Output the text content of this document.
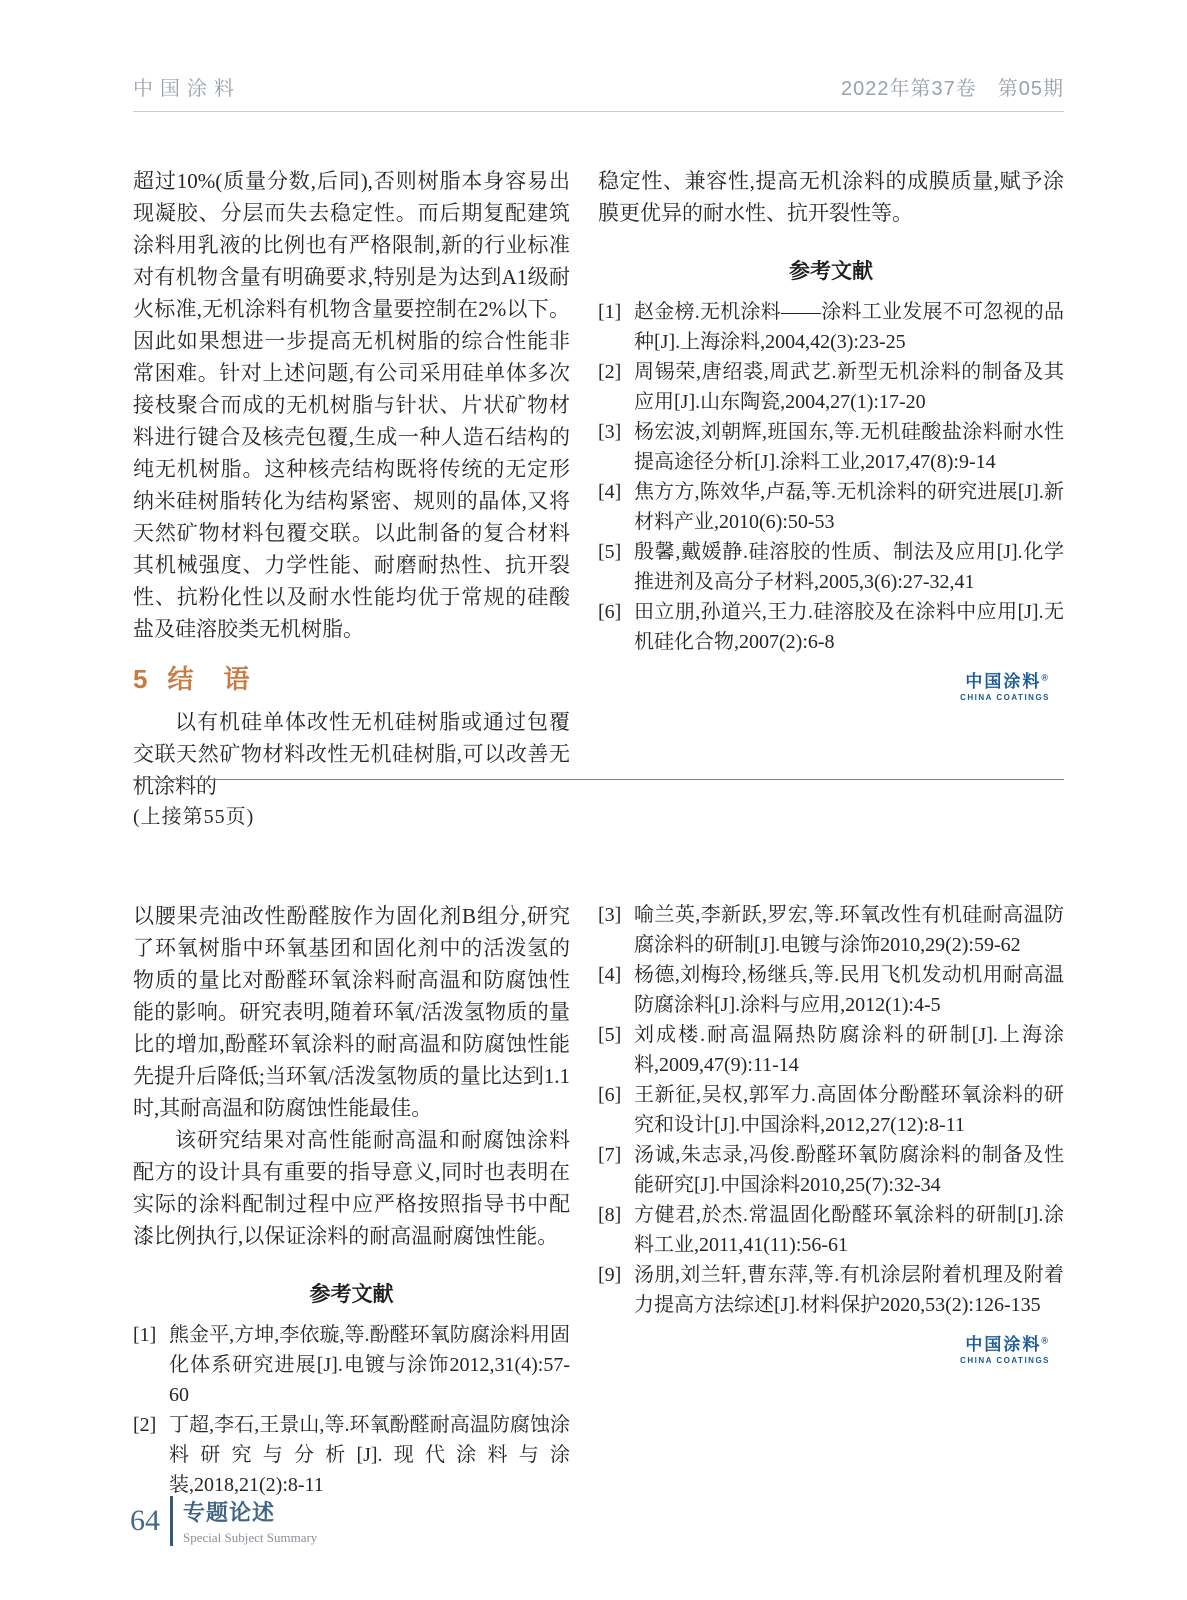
中国涂料	2022年第37卷　第05期

超过10%(质量分数,后同),否则树脂本身容易出现凝胶、分层而失去稳定性。而后期复配建筑涂料用乳液的比例也有严格限制,新的行业标准对有机物含量有明确要求,特别是为达到A1级耐火标准,无机涂料有机物含量要控制在2%以下。因此如果想进一步提高无机树脂的综合性能非常困难。针对上述问题,有公司采用硅单体多次接枝聚合而成的无机树脂与针状、片状矿物材料进行键合及核壳包覆,生成一种人造石结构的纯无机树脂。这种核壳结构既将传统的无定形纳米硅树脂转化为结构紧密、规则的晶体,又将天然矿物材料包覆交联。以此制备的复合材料其机械强度、力学性能、耐磨耐热性、抗开裂性、抗粉化性以及耐水性能均优于常规的硅酸盐及硅溶胶类无机树脂。

5 结　语

以有机硅单体改性无机硅树脂或通过包覆交联天然矿物材料改性无机硅树脂,可以改善无机涂料的

稳定性、兼容性,提高无机涂料的成膜质量,赋予涂膜更优异的耐水性、抗开裂性等。

参考文献
[1] 赵金榜.无机涂料——涂料工业发展不可忽视的品种[J].上海涂料,2004,42(3):23-25
[2] 周锡荣,唐绍裘,周武艺.新型无机涂料的制备及其应用[J].山东陶瓷,2004,27(1):17-20
[3] 杨宏波,刘朝辉,班国东,等.无机硅酸盐涂料耐水性提高途径分析[J].涂料工业,2017,47(8):9-14
[4] 焦方方,陈效华,卢磊,等.无机涂料的研究进展[J].新材料产业,2010(6):50-53
[5] 殷馨,戴媛静.硅溶胶的性质、制法及应用[J].化学推进剂及高分子材料,2005,3(6):27-32,41
[6] 田立朋,孙道兴,王力.硅溶胶及在涂料中应用[J].无机硅化合物,2007(2):6-8
中国涂料®
CHINA COATINGS
(上接第55页)

以腰果壳油改性酚醛胺作为固化剂B组分,研究了环氧树脂中环氧基团和固化剂中的活泼氢的物质的量比对酚醛环氧涂料耐高温和防腐蚀性能的影响。研究表明,随着环氧/活泼氢物质的量比的增加,酚醛环氧涂料的耐高温和防腐蚀性能先提升后降低;当环氧/活泼氢物质的量比达到1.1时,其耐高温和防腐蚀性能最佳。

该研究结果对高性能耐高温和耐腐蚀涂料配方的设计具有重要的指导意义,同时也表明在实际的涂料配制过程中应严格按照指导书中配漆比例执行,以保证涂料的耐高温耐腐蚀性能。

参考文献
[1] 熊金平,方坤,李依璇,等.酚醛环氧防腐涂料用固化体系研究进展[J].电镀与涂饰2012,31(4):57-60
[2] 丁超,李石,王景山,等.环氧酚醛耐高温防腐蚀涂料研究与分析[J].现代涂料与涂装,2018,21(2):8-11
[3] 喻兰英,李新跃,罗宏,等.环氧改性有机硅耐高温防腐涂料的研制[J].电镀与涂饰2010,29(2):59-62
[4] 杨德,刘梅玲,杨继兵,等.民用飞机发动机用耐高温防腐涂料[J].涂料与应用,2012(1):4-5
[5] 刘成楼.耐高温隔热防腐涂料的研制[J].上海涂料,2009,47(9):11-14
[6] 王新征,吴权,郭军力.高固体分酚醛环氧涂料的研究和设计[J].中国涂料,2012,27(12):8-11
[7] 汤诚,朱志录,冯俊.酚醛环氧防腐涂料的制备及性能研究[J].中国涂料2010,25(7):32-34
[8] 方健君,於杰.常温固化酚醛环氧涂料的研制[J].涂料工业,2011,41(11):56-61
[9] 汤朋,刘兰轩,曹东萍,等.有机涂层附着机理及附着力提高方法综述[J].材料保护2020,53(2):126-135
中国涂料®
CHINA COATINGS
64 专题论述
Special Subject Summary
